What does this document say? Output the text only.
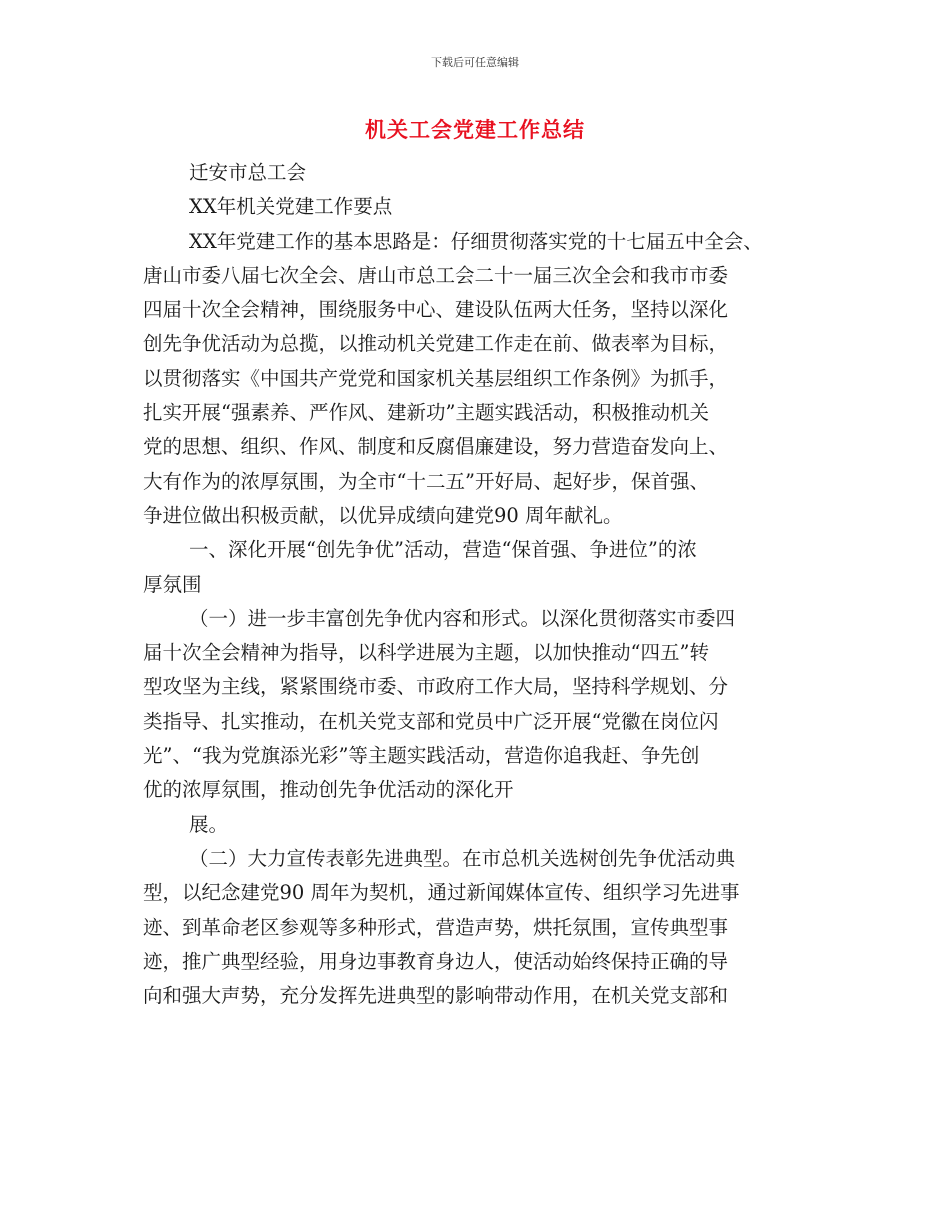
下载后可任意编辑
机关工会党建工作总结
迁安市总工会
XX年机关党建工作要点
XX年党建工作的基本思路是：仔细贯彻落实党的十七届五中全会、
唐山市委八届七次全会、唐山市总工会二十一届三次全会和我市市委
四届十次全会精神，围绕服务中心、建设队伍两大任务，坚持以深化
创先争优活动为总揽，以推动机关党建工作走在前、做表率为目标，
以贯彻落实《中国共产党党和国家机关基层组织工作条例》为抓手，
扎实开展“强素养、严作风、建新功”主题实践活动，积极推动机关
党的思想、组织、作风、制度和反腐倡廉建设，努力营造奋发向上、
大有作为的浓厚氛围，为全市“十二五”开好局、起好步，保首强、
争进位做出积极贡献，以优异成绩向建党90 周年献礼。
一、深化开展“创先争优”活动，营造“保首强、争进位”的浓
厚氛围
（一）进一步丰富创先争优内容和形式。以深化贯彻落实市委四
届十次全会精神为指导，以科学进展为主题，以加快推动“四五”转
型攻坚为主线，紧紧围绕市委、市政府工作大局，坚持科学规划、分
类指导、扎实推动，在机关党支部和党员中广泛开展“党徽在岗位闪
光”、“我为党旗添光彩”等主题实践活动，营造你追我赶、争先创
优的浓厚氛围，推动创先争优活动的深化开
展。
（二）大力宣传表彰先进典型。在市总机关选树创先争优活动典
型，以纪念建党90 周年为契机，通过新闻媒体宣传、组织学习先进事
迹、到革命老区参观等多种形式，营造声势，烘托氛围，宣传典型事
迹，推广典型经验，用身边事教育身边人，使活动始终保持正确的导
向和强大声势，充分发挥先进典型的影响带动作用，在机关党支部和
